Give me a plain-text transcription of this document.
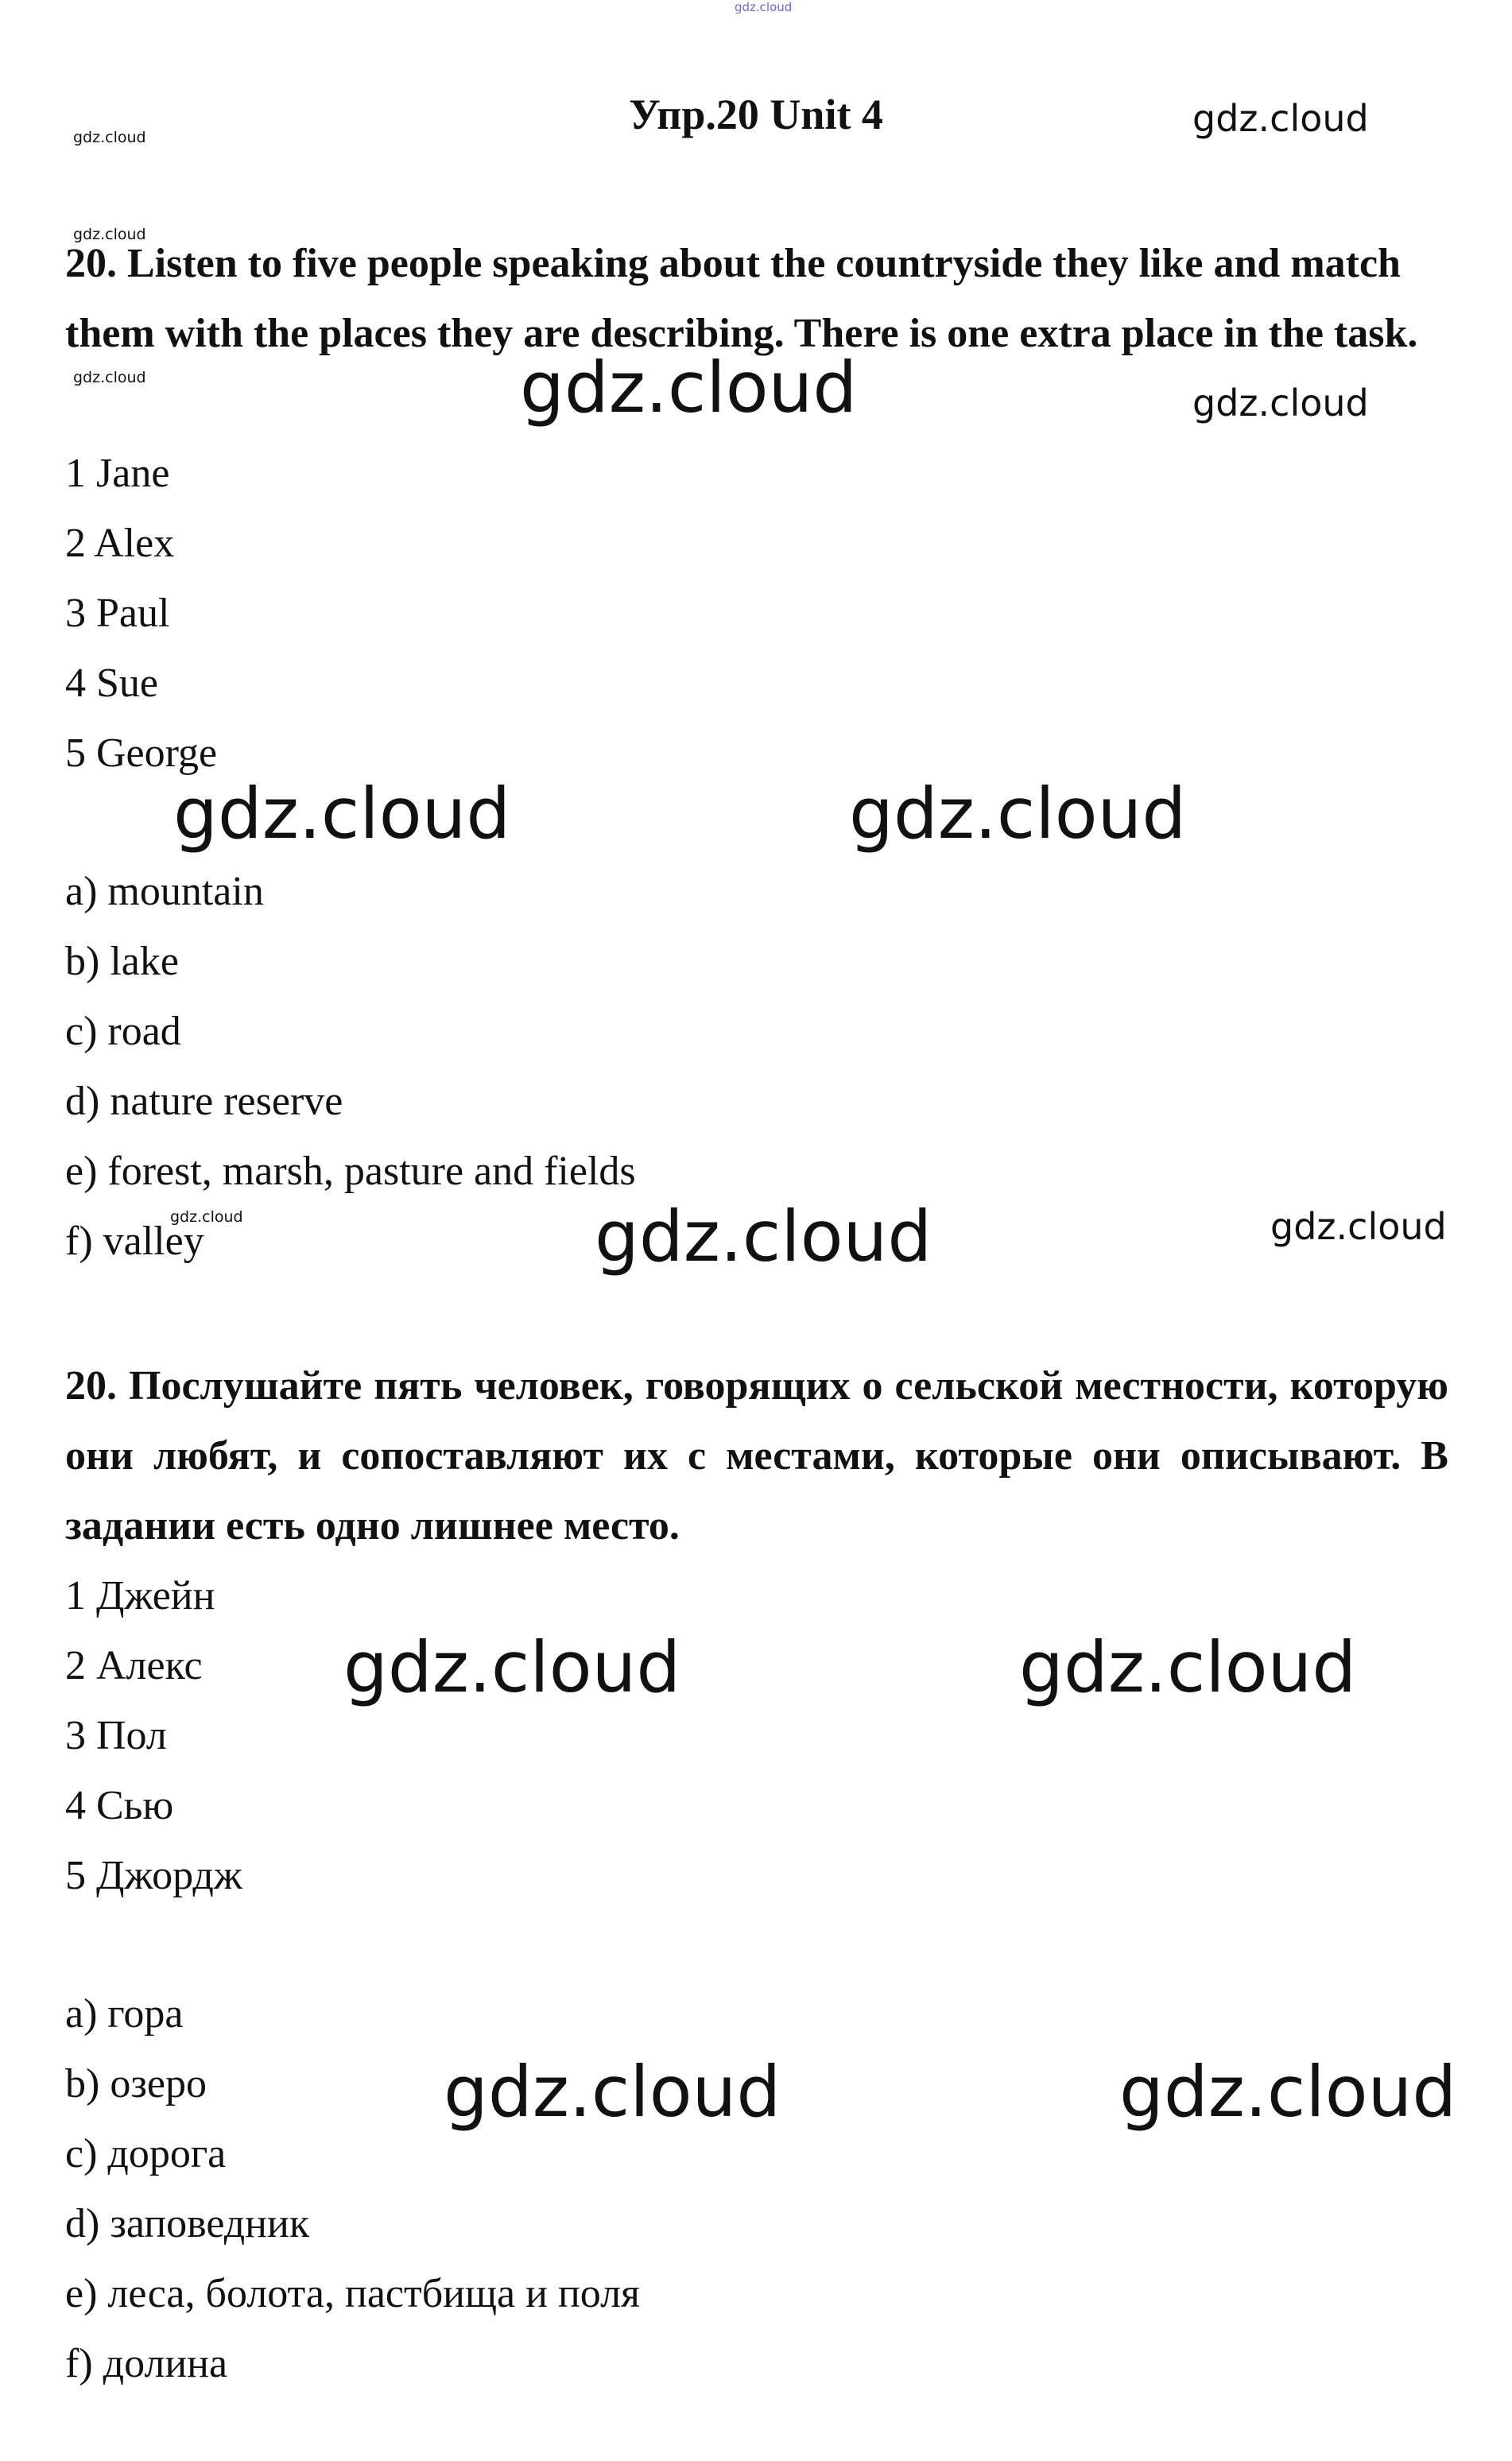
Упр.20 Unit 4

20. Listen to five people speaking about the countryside they like and match them with the places they are describing. There is one extra place in the task.

1 Jane
2 Alex
3 Paul
4 Sue
5 George
a) mountain
b) lake
c) road
d) nature reserve
e) forest, marsh, pasture and fields
f) valley

20. Послушайте пять человек, говорящих о сельской местности, которую они любят, и сопоставляют их с местами, которые они описывают. В задании есть одно лишнее место.

1 Джейн
2 Алекс
3 Пол
4 Сью
5 Джордж
a) гора
b) озеро
c) дорога
d) заповедник
e) леса, болота, пастбища и поля
f) долина
gdz.cloud
gdz.cloud	gdz.cloud
gdz.cloud
gdz.cloud	gdz.cloud	gdz.cloud
gdz.cloud	gdz.cloud
gdz.cloud	gdz.cloud	gdz.cloud
gdz.cloud	gdz.cloud
gdz.cloud	gdz.cloud
